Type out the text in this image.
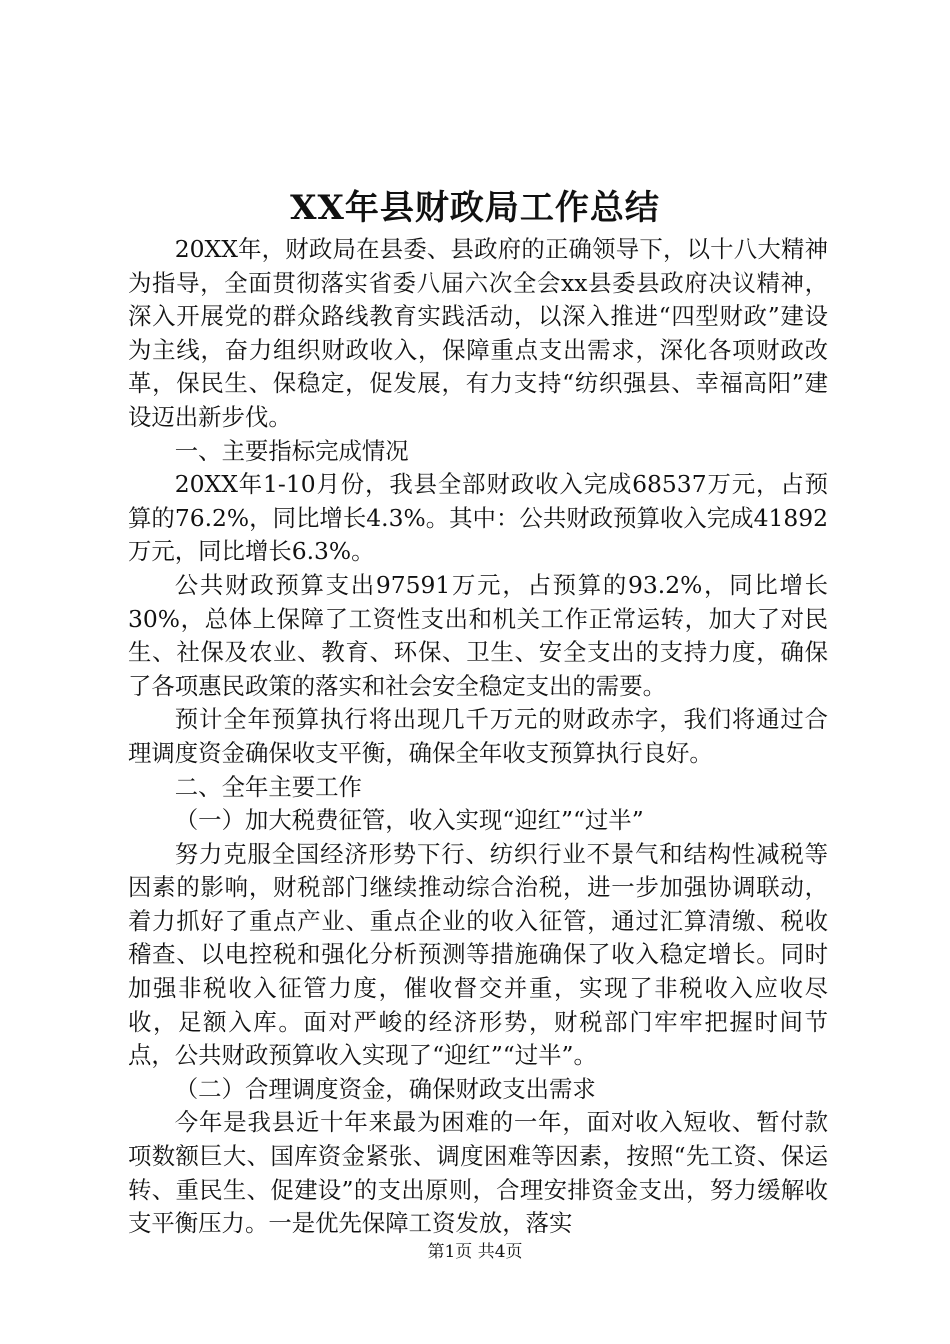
XX年县财政局工作总结

20XX年，财政局在县委、县政府的正确领导下，以十八大精神为指导，全面贯彻落实省委八届六次全会xx县委县政府决议精神，深入开展党的群众路线教育实践活动，以深入推进“四型财政”建设为主线，奋力组织财政收入，保障重点支出需求，深化各项财政改革，保民生、保稳定，促发展，有力支持“纺织强县、幸福高阳”建设迈出新步伐。

一、主要指标完成情况

20XX年1-10月份，我县全部财政收入完成68537万元，占预算的76.2%，同比增长4.3%。其中：公共财政预算收入完成41892万元，同比增长6.3%。

公共财政预算支出97591万元，占预算的93.2%，同比增长30%，总体上保障了工资性支出和机关工作正常运转，加大了对民生、社保及农业、教育、环保、卫生、安全支出的支持力度，确保了各项惠民政策的落实和社会安全稳定支出的需要。

预计全年预算执行将出现几千万元的财政赤字，我们将通过合理调度资金确保收支平衡，确保全年收支预算执行良好。

二、全年主要工作

（一）加大税费征管，收入实现“迎红”“过半”

努力克服全国经济形势下行、纺织行业不景气和结构性减税等因素的影响，财税部门继续推动综合治税，进一步加强协调联动，着力抓好了重点产业、重点企业的收入征管，通过汇算清缴、税收稽查、以电控税和强化分析预测等措施确保了收入稳定增长。同时加强非税收入征管力度，催收督交并重，实现了非税收入应收尽收，足额入库。面对严峻的经济形势，财税部门牢牢把握时间节点，公共财政预算收入实现了“迎红”“过半”。

（二）合理调度资金，确保财政支出需求

今年是我县近十年来最为困难的一年，面对收入短收、暂付款项数额巨大、国库资金紧张、调度困难等因素，按照“先工资、保运转、重民生、促建设”的支出原则，合理安排资金支出，努力缓解收支平衡压力。一是优先保障工资发放，落实

第1页 共4页
